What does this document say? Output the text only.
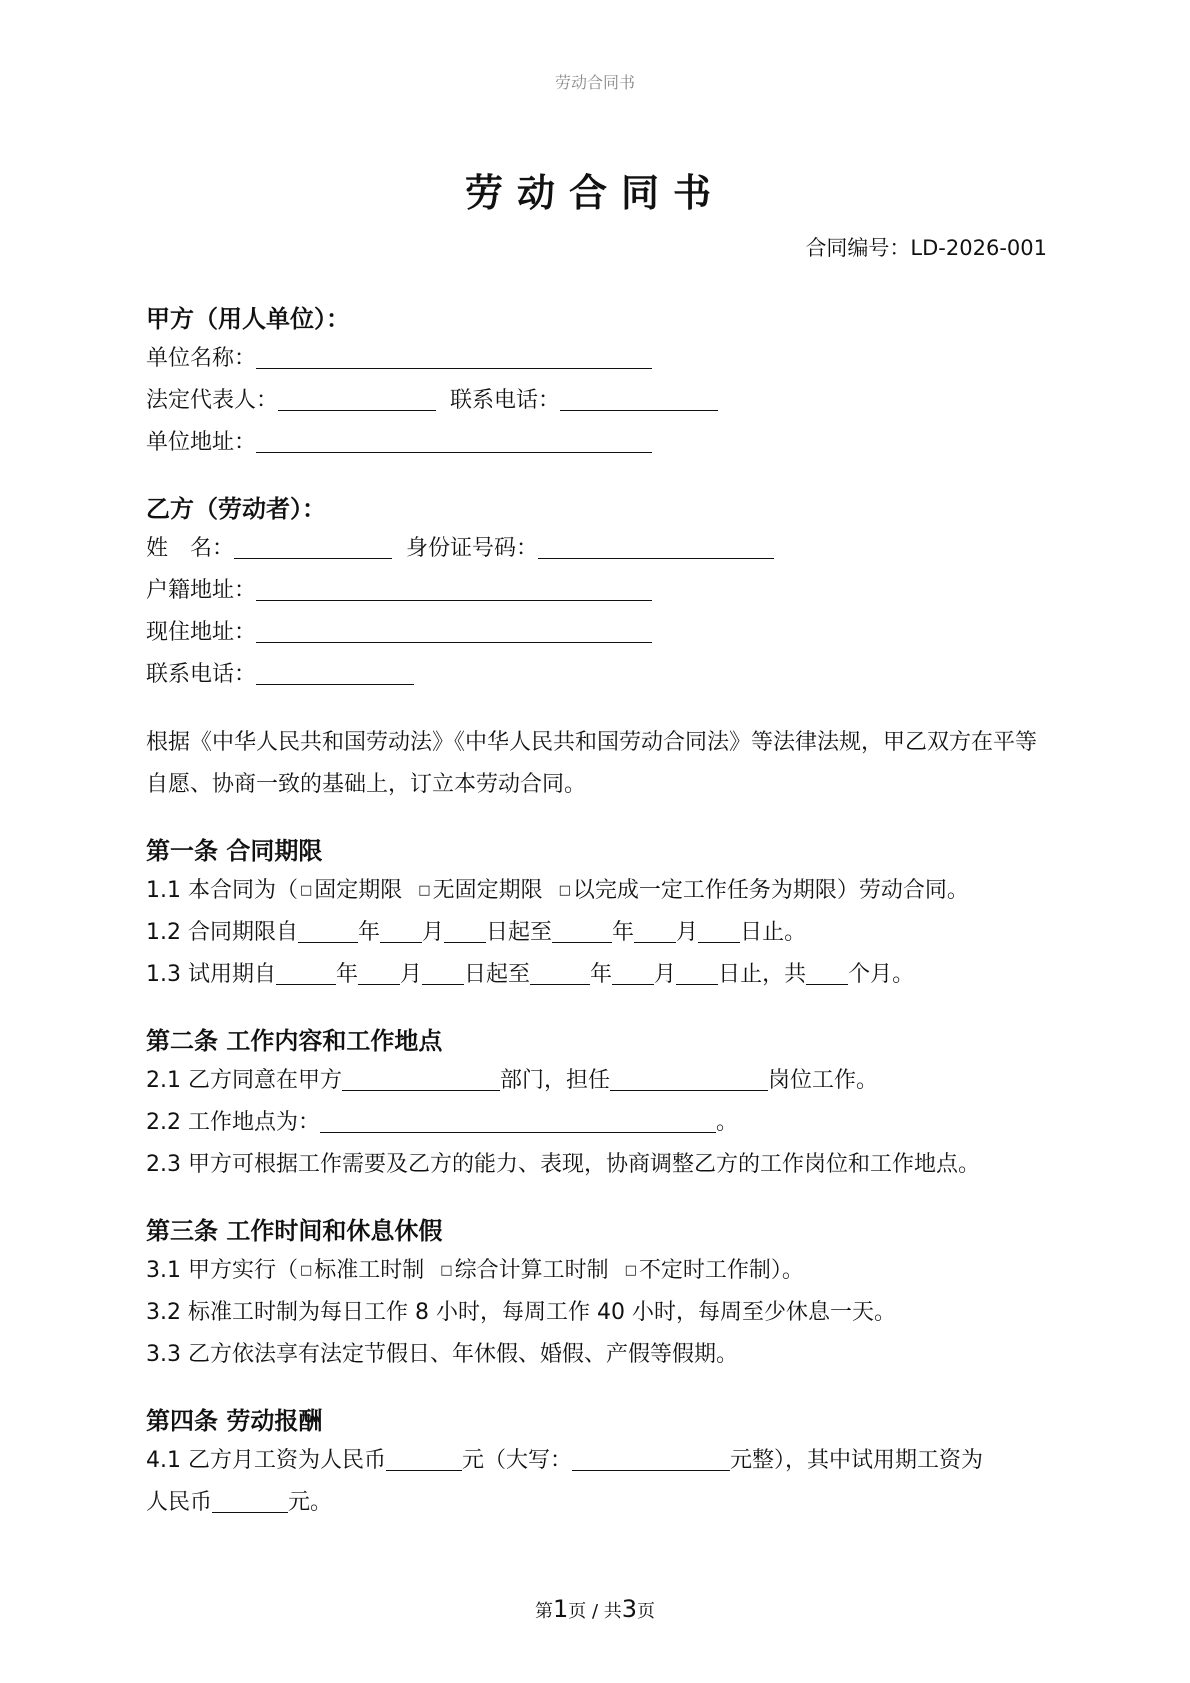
劳动合同书
劳动合同书
合同编号：LD-2026-001
甲方（用人单位）：
单位名称：
法定代表人：	联系电话：
单位地址：
乙方（劳动者）：
姓　名：	身份证号码：
户籍地址：
现住地址：
联系电话：
根据《中华人民共和国劳动法》《中华人民共和国劳动合同法》等法律法规，甲乙双方在平等自愿、协商一致的基础上，订立本劳动合同。
第一条 合同期限
1.1 本合同为（ □固定期限 □无固定期限 □以完成一定工作任务为期限）劳动合同。
1.2 合同期限自	年 月 日起至	年 月 日止。
1.3 试用期自	年 月 日起至	年 月 日止，共 个月。
第二条 工作内容和工作地点
2.1 乙方同意在甲方	部门，担任	岗位工作。
2.2 工作地点为：	。
2.3 甲方可根据工作需要及乙方的能力、表现，协商调整乙方的工作岗位和工作地点。
第三条 工作时间和休息休假
3.1 甲方实行（ □标准工时制 □综合计算工时制 □不定时工作制）。
3.2 标准工时制为每日工作 8 小时，每周工作 40 小时，每周至少休息一天。
3.3 乙方依法享有法定节假日、年休假、婚假、产假等假期。
第四条 劳动报酬
4.1 乙方月工资为人民币	元（大写：	元整），其中试用期工资为
人民币	元。
第1页 / 共3页
